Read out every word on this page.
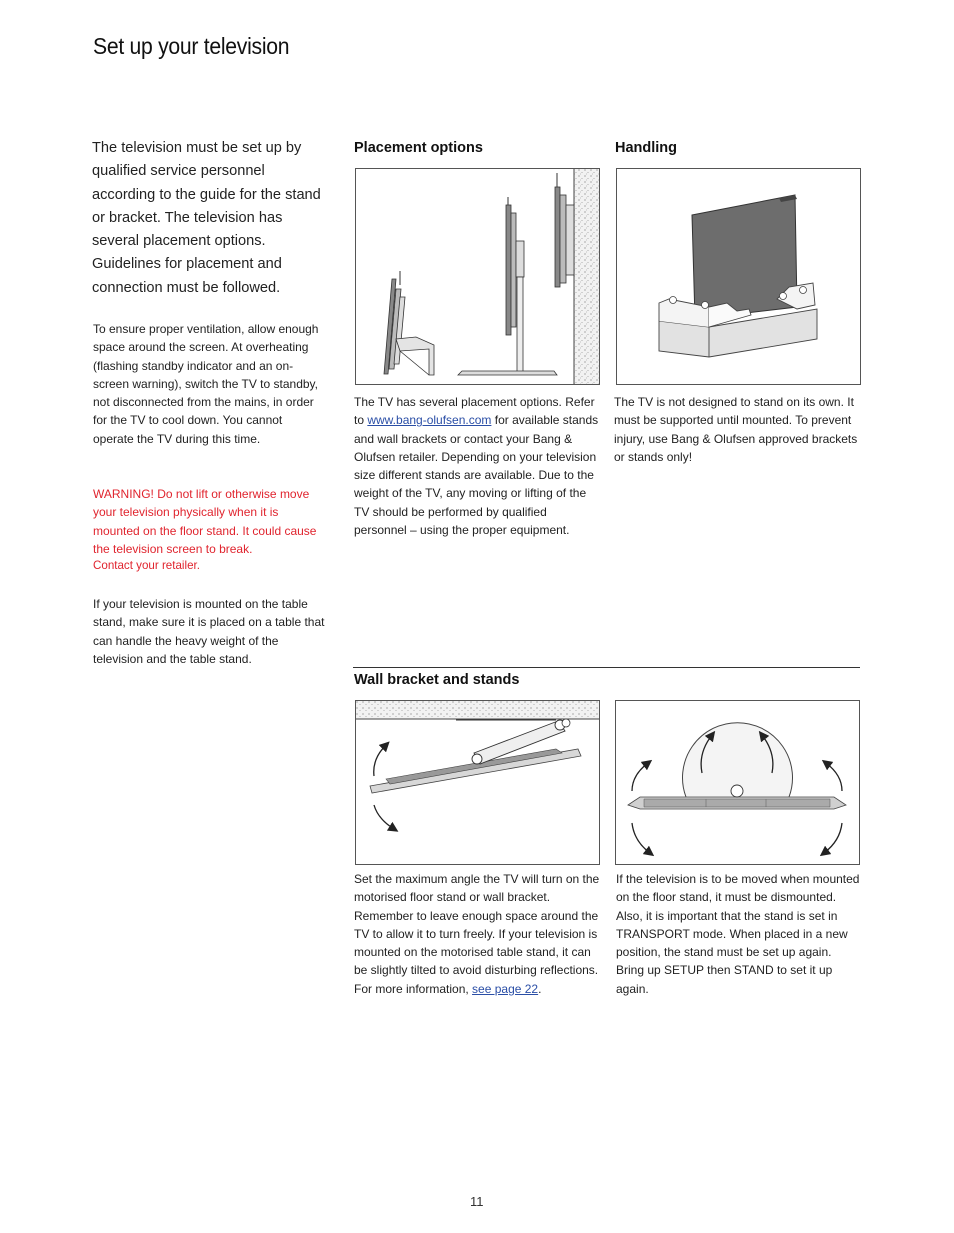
Set up your television

The television must be set up by qualified service personnel according to the guide for the stand or bracket. The television has several placement options. Guidelines for placement and connection must be followed.

To ensure proper ventilation, allow enough space around the screen. At overheating (flashing standby indicator and an on-screen warning), switch the TV to standby, not disconnected from the mains, in order for the TV to cool down. You cannot operate the TV during this time.

WARNING! Do not lift or otherwise move your television physically when it is mounted on the floor stand. It could cause the television screen to break.

Contact your retailer.

If your television is mounted on the table stand, make sure it is placed on a table that can handle the heavy weight of the television and the table stand.

Placement options

The TV has several placement options. Refer to www.bang-olufsen.com for available stands and wall brackets or contact your Bang & Olufsen retailer. Depending on your television size different stands are available. Due to the weight of the TV, any moving or lifting of the TV should be performed by qualified personnel – using the proper equipment.

Handling

The TV is not designed to stand on its own. It must be supported until mounted. To prevent injury, use Bang & Olufsen approved brackets or stands only!

Wall bracket and stands

Set the maximum angle the TV will turn on the motorised floor stand or wall bracket. Remember to leave enough space around the TV to allow it to turn freely. If your television is mounted on the motorised table stand, it can be slightly tilted to avoid disturbing reflections. For more information, see page 22.

If the television is to be moved when mounted on the floor stand, it must be dismounted. Also, it is important that the stand is set in TRANSPORT mode. When placed in a new position, the stand must be set up again. Bring up SETUP then STAND to set it up again.

11
